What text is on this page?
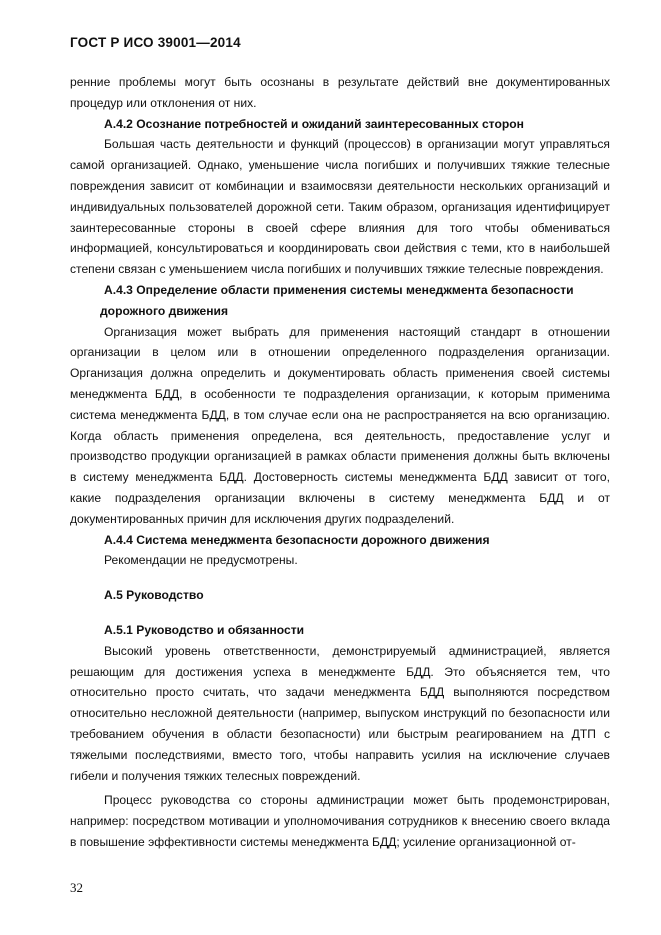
ГОСТ Р ИСО 39001—2014

ренние проблемы могут быть осознаны в результате действий вне документированных процедур или отклонения от них.

A.4.2 Осознание потребностей и ожиданий заинтересованных сторон

Большая часть деятельности и функций (процессов) в организации могут управляться самой организацией. Однако, уменьшение числа погибших и получивших тяжкие телесные повреждения зависит от комбинации и взаимосвязи деятельности нескольких организаций и индивидуальных пользователей дорожной сети. Таким образом, организация идентифицирует заинтересованные стороны в своей сфере влияния для того чтобы обмениваться информацией, консультироваться и координировать свои действия с теми, кто в наибольшей степени связан с уменьшением числа погибших и получивших тяжкие телесные повреждения.

A.4.3 Определение области применения системы менеджмента безопасности
дорожного движения

Организация может выбрать для применения настоящий стандарт в отношении организации в целом или в отношении определенного подразделения организации. Организация должна определить и документировать область применения своей системы менеджмента БДД, в особенности те подразделения организации, к которым применима система менеджмента БДД, в том случае если она не распространяется на всю организацию. Когда область применения определена, вся деятельность, предоставление услуг и производство продукции организацией в рамках области применения должны быть включены в систему менеджмента БДД. Достоверность системы менеджмента БДД зависит от того, какие подразделения организации включены в систему менеджмента БДД и от документированных причин для исключения других подразделений.

A.4.4 Система менеджмента безопасности дорожного движения

Рекомендации не предусмотрены.

A.5 Руководство

A.5.1 Руководство и обязанности

Высокий уровень ответственности, демонстрируемый администрацией, является решающим для достижения успеха в менеджменте БДД. Это объясняется тем, что относительно просто считать, что задачи менеджмента БДД выполняются посредством относительно несложной деятельности (например, выпуском инструкций по безопасности или требованием обучения в области безопасности) или быстрым реагированием на ДТП с тяжелыми последствиями, вместо того, чтобы направить усилия на исключение случаев гибели и получения тяжких телесных повреждений.

Процесс руководства со стороны администрации может быть продемонстрирован, например: посредством мотивации и уполномочивания сотрудников к внесению своего вклада в повышение эффективности системы менеджмента БДД; усиление организационной от-

32
